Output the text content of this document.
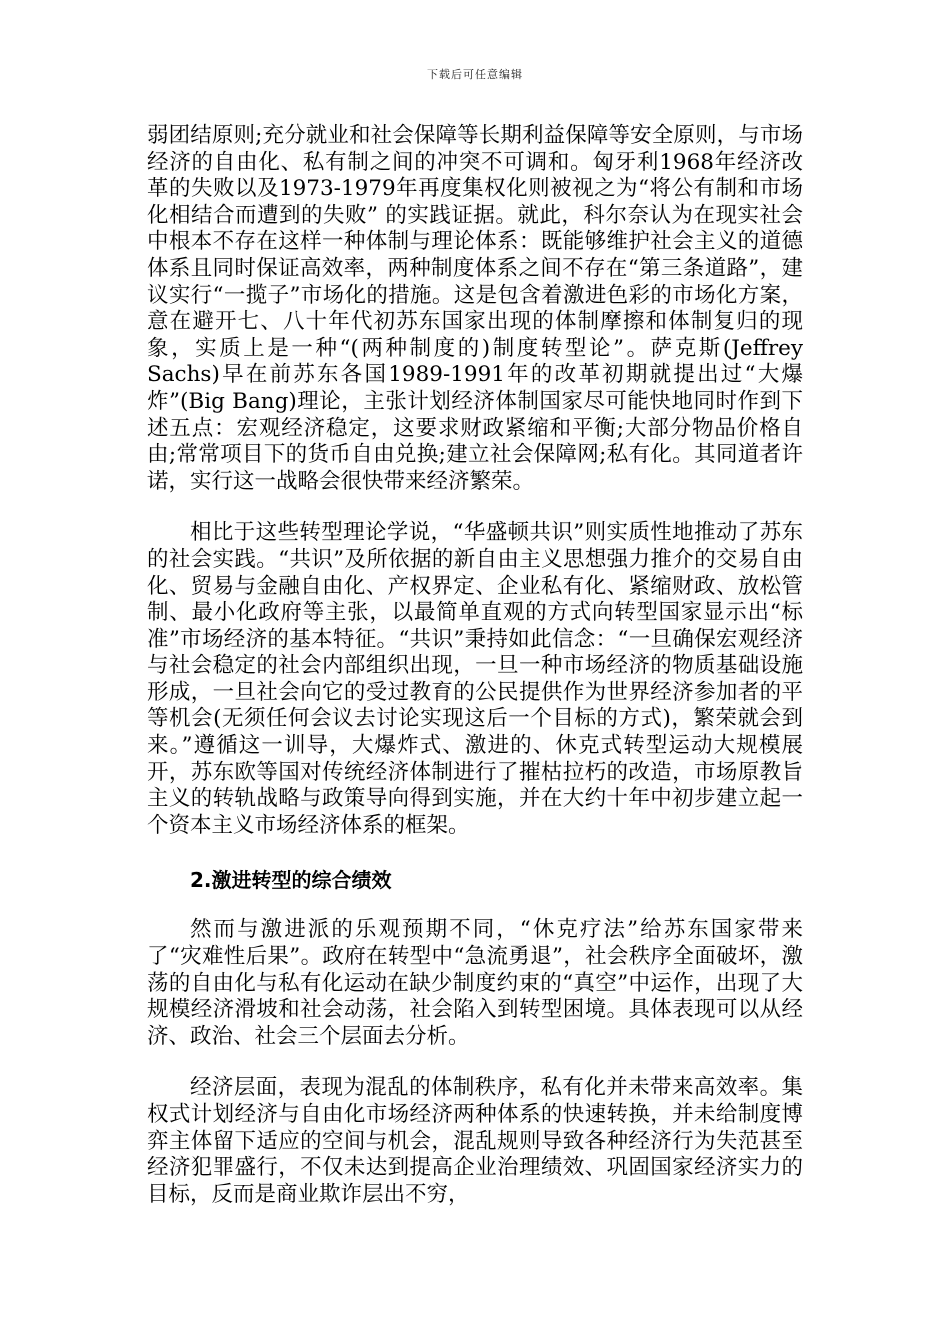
下载后可任意编辑

弱团结原则;充分就业和社会保障等长期利益保障等安全原则，与市场经济的自由化、私有制之间的冲突不可调和。匈牙利1968年经济改革的失败以及1973-1979年再度集权化则被视之为“将公有制和市场化相结合而遭到的失败” 的实践证据。就此，科尔奈认为在现实社会中根本不存在这样一种体制与理论体系：既能够维护社会主义的道德体系且同时保证高效率，两种制度体系之间不存在“第三条道路”，建议实行“一揽子”市场化的措施。这是包含着激进色彩的市场化方案，意在避开七、八十年代初苏东国家出现的体制摩擦和体制复归的现象，实质上是一种“(两种制度的)制度转型论”。萨克斯(Jeffrey Sachs)早在前苏东各国1989-1991年的改革初期就提出过“大爆炸”(Big Bang)理论，主张计划经济体制国家尽可能快地同时作到下述五点：宏观经济稳定，这要求财政紧缩和平衡;大部分物品价格自由;常常项目下的货币自由兑换;建立社会保障网;私有化。其同道者许诺，实行这一战略会很快带来经济繁荣。

相比于这些转型理论学说，“华盛顿共识”则实质性地推动了苏东的社会实践。“共识”及所依据的新自由主义思想强力推介的交易自由化、贸易与金融自由化、产权界定、企业私有化、紧缩财政、放松管制、最小化政府等主张，以最简单直观的方式向转型国家显示出“标准”市场经济的基本特征。“共识”秉持如此信念：“一旦确保宏观经济与社会稳定的社会内部组织出现，一旦一种市场经济的物质基础设施形成，一旦社会向它的受过教育的公民提供作为世界经济参加者的平等机会(无须任何会议去讨论实现这后一个目标的方式)，繁荣就会到来。”遵循这一训导，大爆炸式、激进的、休克式转型运动大规模展开，苏东欧等国对传统经济体制进行了摧枯拉朽的改造，市场原教旨主义的转轨战略与政策导向得到实施，并在大约十年中初步建立起一个资本主义市场经济体系的框架。

2.激进转型的综合绩效

然而与激进派的乐观预期不同，“休克疗法”给苏东国家带来了“灾难性后果”。政府在转型中“急流勇退”，社会秩序全面破坏，激荡的自由化与私有化运动在缺少制度约束的“真空”中运作，出现了大规模经济滑坡和社会动荡，社会陷入到转型困境。具体表现可以从经济、政治、社会三个层面去分析。

经济层面，表现为混乱的体制秩序，私有化并未带来高效率。集权式计划经济与自由化市场经济两种体系的快速转换，并未给制度博弈主体留下适应的空间与机会，混乱规则导致各种经济行为失范甚至经济犯罪盛行，不仅未达到提高企业治理绩效、巩固国家经济实力的目标，反而是商业欺诈层出不穷，
